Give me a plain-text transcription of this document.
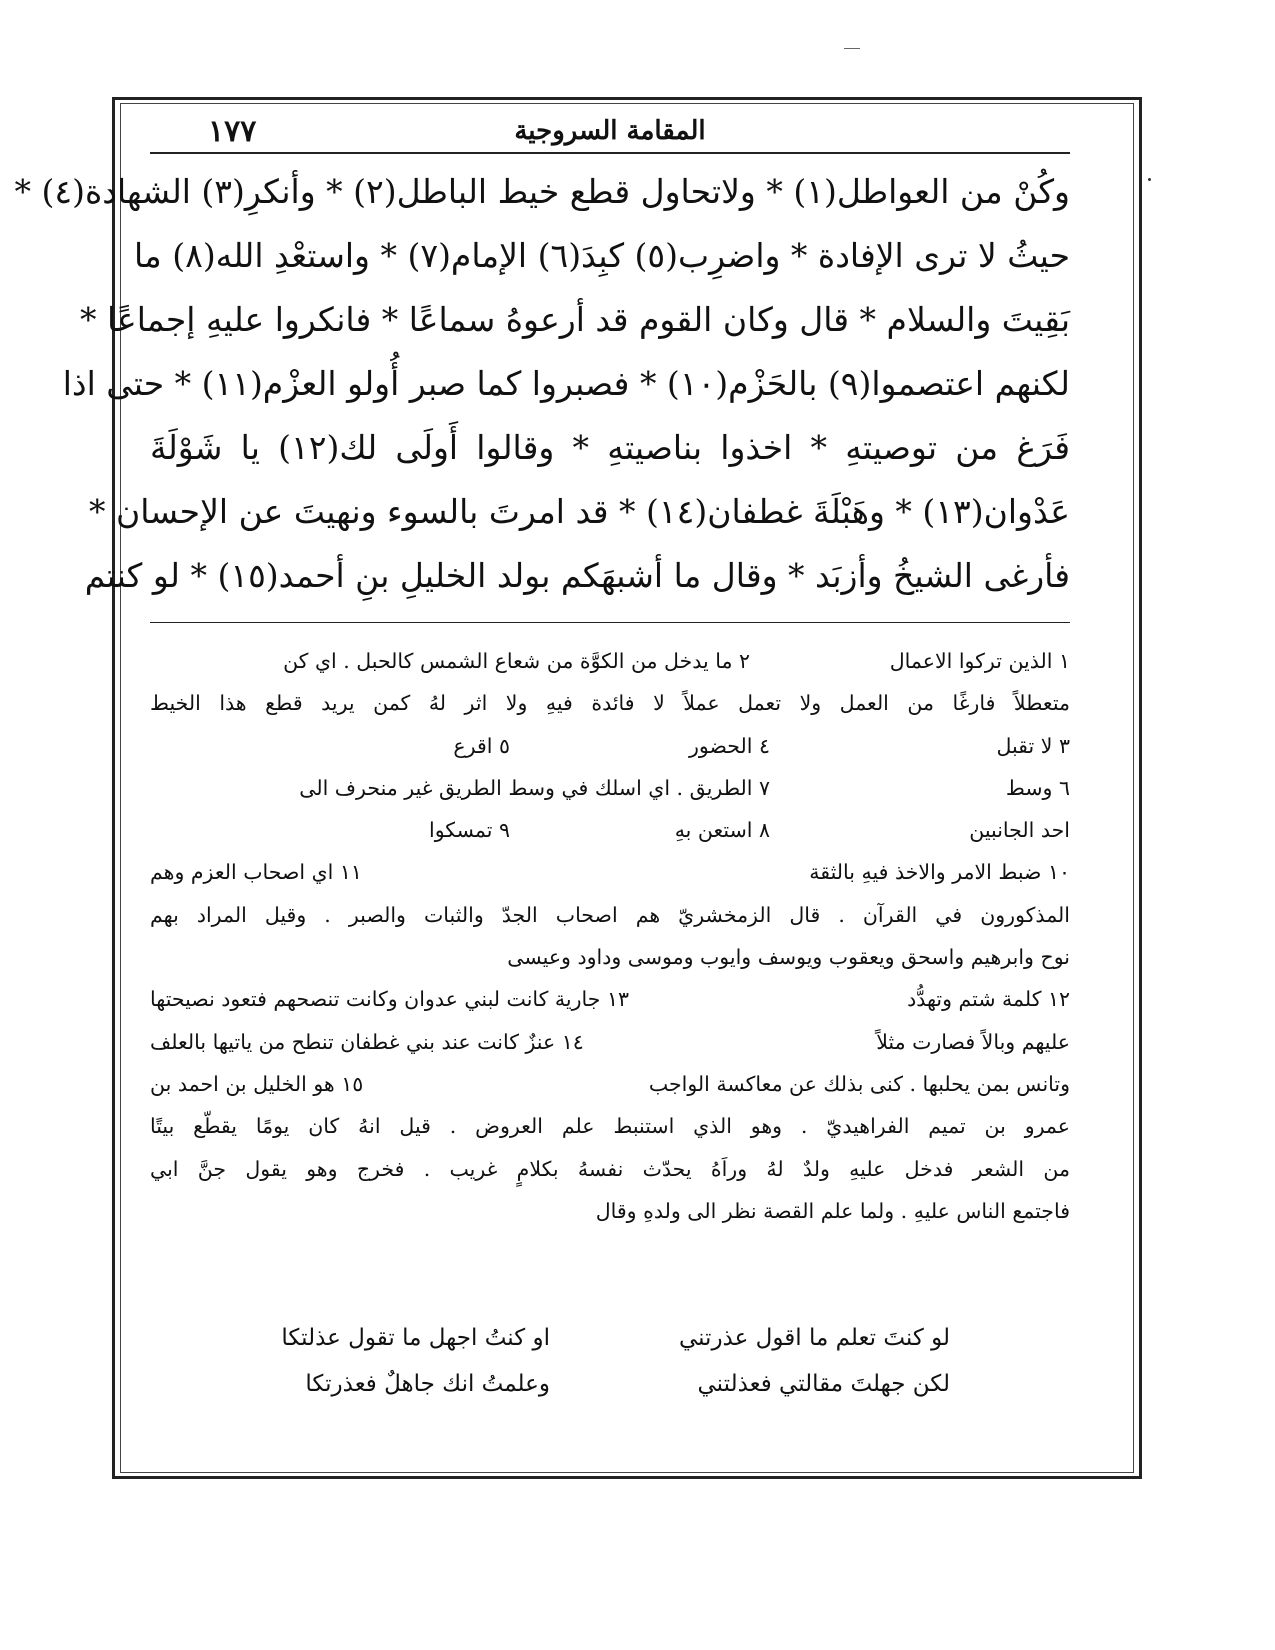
المقامة السروجية
١٧٧
وكُنْ من العواطل(١) * ولاتحاول قطع خيط الباطل(٢) * وأنكرِ(٣) الشهادة(٤) *
حيثُ لا ترى الإفادة * واضرِب(٥) كبِدَ(٦) الإمام(٧) * واستعْدِ الله(٨) ما
بَقِيتَ والسلام * قال وكان القوم قد أرعوهُ سماعًا * فانكروا عليهِ إجماعًا *
لكنهم اعتصموا(٩) بالحَزْم(١٠) * فصبروا كما صبر أُولو العزْم(١١) * حتى اذا
فَرَغ من توصيتهِ * اخذوا بناصيتهِ * وقالوا أَولَى لك(١٢) يا شَوْلَةَ
عَدْوان(١٣) * وهَبْلَةَ غطفان(١٤) * قد امرتَ بالسوء ونهيتَ عن الإحسان *
فأرغى الشيخُ وأزبَد * وقال ما أشبهَكم بولد الخليلِ بنِ أحمد(١٥) * لو كنتم
١ الذين تركوا الاعمال
٢ ما يدخل من الكوَّة من شعاع الشمس كالحبل . اي كن
متعطلاً فارغًا من العمل ولا تعمل عملاً لا فائدة فيهِ ولا اثر لهُ كمن يريد قطع هذا الخيط
٣ لا تقبل
٤ الحضور
٥ اقرع
٦ وسط
٧ الطريق . اي اسلك في وسط الطريق غير منحرف الى
احد الجانبين
٨ استعن بهِ
٩ تمسكوا
١٠ ضبط الامر والاخذ فيهِ بالثقة
١١ اي اصحاب العزم وهم
المذكورون في القرآن . قال الزمخشريّ هم اصحاب الجدّ والثبات والصبر . وقيل المراد بهم
نوح وابرهيم واسحق ويعقوب ويوسف وايوب وموسى وداود وعيسى
١٢ كلمة شتم وتهدُّد
١٣ جارية كانت لبني عدوان وكانت تنصحهم فتعود نصيحتها
عليهم وبالاً فصارت مثلاً
١٤ عنزٌ كانت عند بني غطفان تنطح من ياتيها بالعلف
وتانس بمن يحلبها . كنى بذلك عن معاكسة الواجب
١٥ هو الخليل بن احمد بن
عمرو بن تميم الفراهيديّ . وهو الذي استنبط علم العروض . قيل انهُ كان يومًا يقطّع بيتًا
من الشعر فدخل عليهِ ولدٌ لهُ وراَهُ يحدّث نفسهُ بكلامٍ غريب . فخرج وهو يقول جنَّ ابي
فاجتمع الناس عليهِ . ولما علم القصة نظر الى ولدهِ وقال
لو كنتَ تعلم ما اقول عذرتني
او كنتُ اجهل ما تقول عذلتكا
لكن جهلتَ مقالتي فعذلتني
وعلمتُ انك جاهلٌ فعذرتكا
